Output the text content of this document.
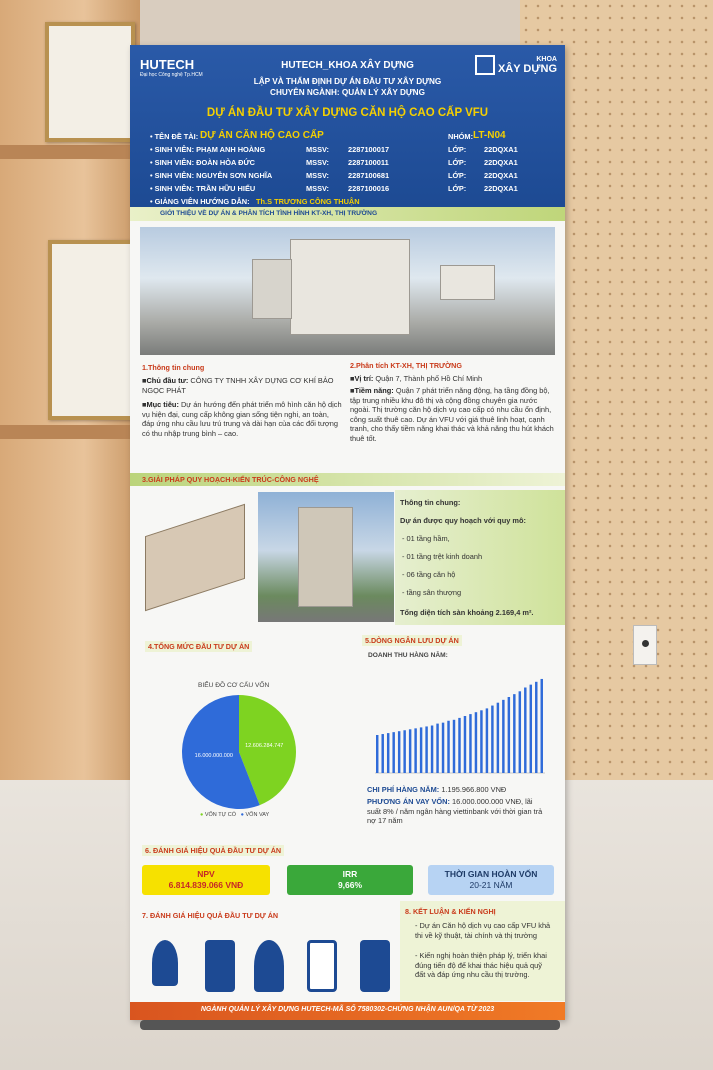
HUTECH
Đại học Công nghệ Tp.HCM
KHOA
XÂY DỰNG
HUTECH_KHOA XÂY DỰNG
LẬP VÀ THẨM ĐỊNH DỰ ÁN ĐẦU TƯ XÂY DỰNG
CHUYÊN NGÀNH: QUẢN LÝ XÂY DỰNG
DỰ ÁN ĐẦU TƯ XÂY DỰNG CĂN HỘ CAO CẤP VFU
• TÊN ĐỀ TÀI: DỰ ÁN CĂN HỘ CAO CẤP	NHÓM: LT-N04
• SINH VIÊN: PHẠM ANH HOÀNG	MSSV:	2287100017	LỚP: 22DQXA1
• SINH VIÊN: ĐOÀN HÒA ĐỨC	MSSV:	2287100011	LỚP: 22DQXA1
• SINH VIÊN: NGUYỄN SƠN NGHĨA	MSSV:	2287100681	LỚP: 22DQXA1
• SINH VIÊN: TRẦN HỮU HIẾU	MSSV:	2287100016	LỚP: 22DQXA1
• GIẢNG VIÊN HƯỚNG DẪN: Th.S TRƯƠNG CÔNG THUẬN
GIỚI THIỆU VỀ DỰ ÁN & PHÂN TÍCH TÌNH HÌNH KT-XH, THỊ TRƯỜNG
1.Thông tin chung
■Chủ đầu tư: CÔNG TY TNHH XÂY DỰNG CƠ KHÍ BẢO NGỌC PHÁT
■Mục tiêu: Dự án hướng đến phát triển mô hình căn hộ dịch vụ hiện đại, cung cấp không gian sống tiện nghi, an toàn, đáp ứng nhu cầu lưu trú trung và dài hạn của các đối tượng có thu nhập trung bình – cao.
2.Phân tích KT-XH, THỊ TRƯỜNG
■Vị trí: Quận 7, Thành phố Hồ Chí Minh
■Tiềm năng: Quận 7 phát triển năng động, hạ tầng đồng bộ, tập trung nhiều khu đô thị và cộng đồng chuyên gia nước ngoài. Thị trường căn hộ dịch vụ cao cấp có nhu cầu ổn định, công suất thuê cao. Dự án VFU với giá thuê linh hoạt, cạnh tranh, cho thấy tiềm năng khai thác và khả năng thu hút khách thuê tốt.
3.GIẢI PHÁP QUY HOẠCH-KIẾN TRÚC-CÔNG NGHỆ
Thông tin chung:
Dự án được quy hoạch với quy mô:
- 01 tầng hầm,
- 01 tầng trệt kinh doanh
- 06 tầng căn hộ
- tầng sân thượng
Tổng diện tích sàn khoảng 2.169,4 m².
4.TỔNG MỨC ĐẦU TƯ DỰ ÁN
BIỂU ĐỒ CƠ CẤU VỐN
12.606.284.747
16.000.000.000
● VỐN TỰ CÓ ● VỐN VAY
5.DÒNG NGÂN LƯU DỰ ÁN
DOANH THU HÀNG NĂM:
CHI PHÍ HÀNG NĂM: 1.195.966.800 VNĐ
PHƯƠNG ÁN VAY VỐN: 16.000.000.000 VNĐ, lãi suất 8% / năm ngân hàng viettinbank với thời gian trả nợ 17 năm
6. ĐÁNH GIÁ HIỆU QUẢ ĐẦU TƯ DỰ ÁN
NPV
6.814.839.066 VNĐ
IRR
9,66%
THỜI GIAN HOÀN VỐN
20-21 NĂM
7. ĐÁNH GIÁ HIỆU QUẢ ĐẦU TƯ DỰ ÁN	8. KẾT LUẬN & KIẾN NGHỊ
- Dự án Căn hộ dịch vụ cao cấp VFU khả thi về kỹ thuật, tài chính và thị trường
- Kiến nghị hoàn thiện pháp lý, triển khai đúng tiến độ để khai thác hiệu quả quỹ đất và đáp ứng nhu cầu thị trường.
NGÀNH QUẢN LÝ XÂY DỰNG HUTECH-MÃ SỐ 7580302-CHỨNG NHẬN AUN/QA TỪ 2023
